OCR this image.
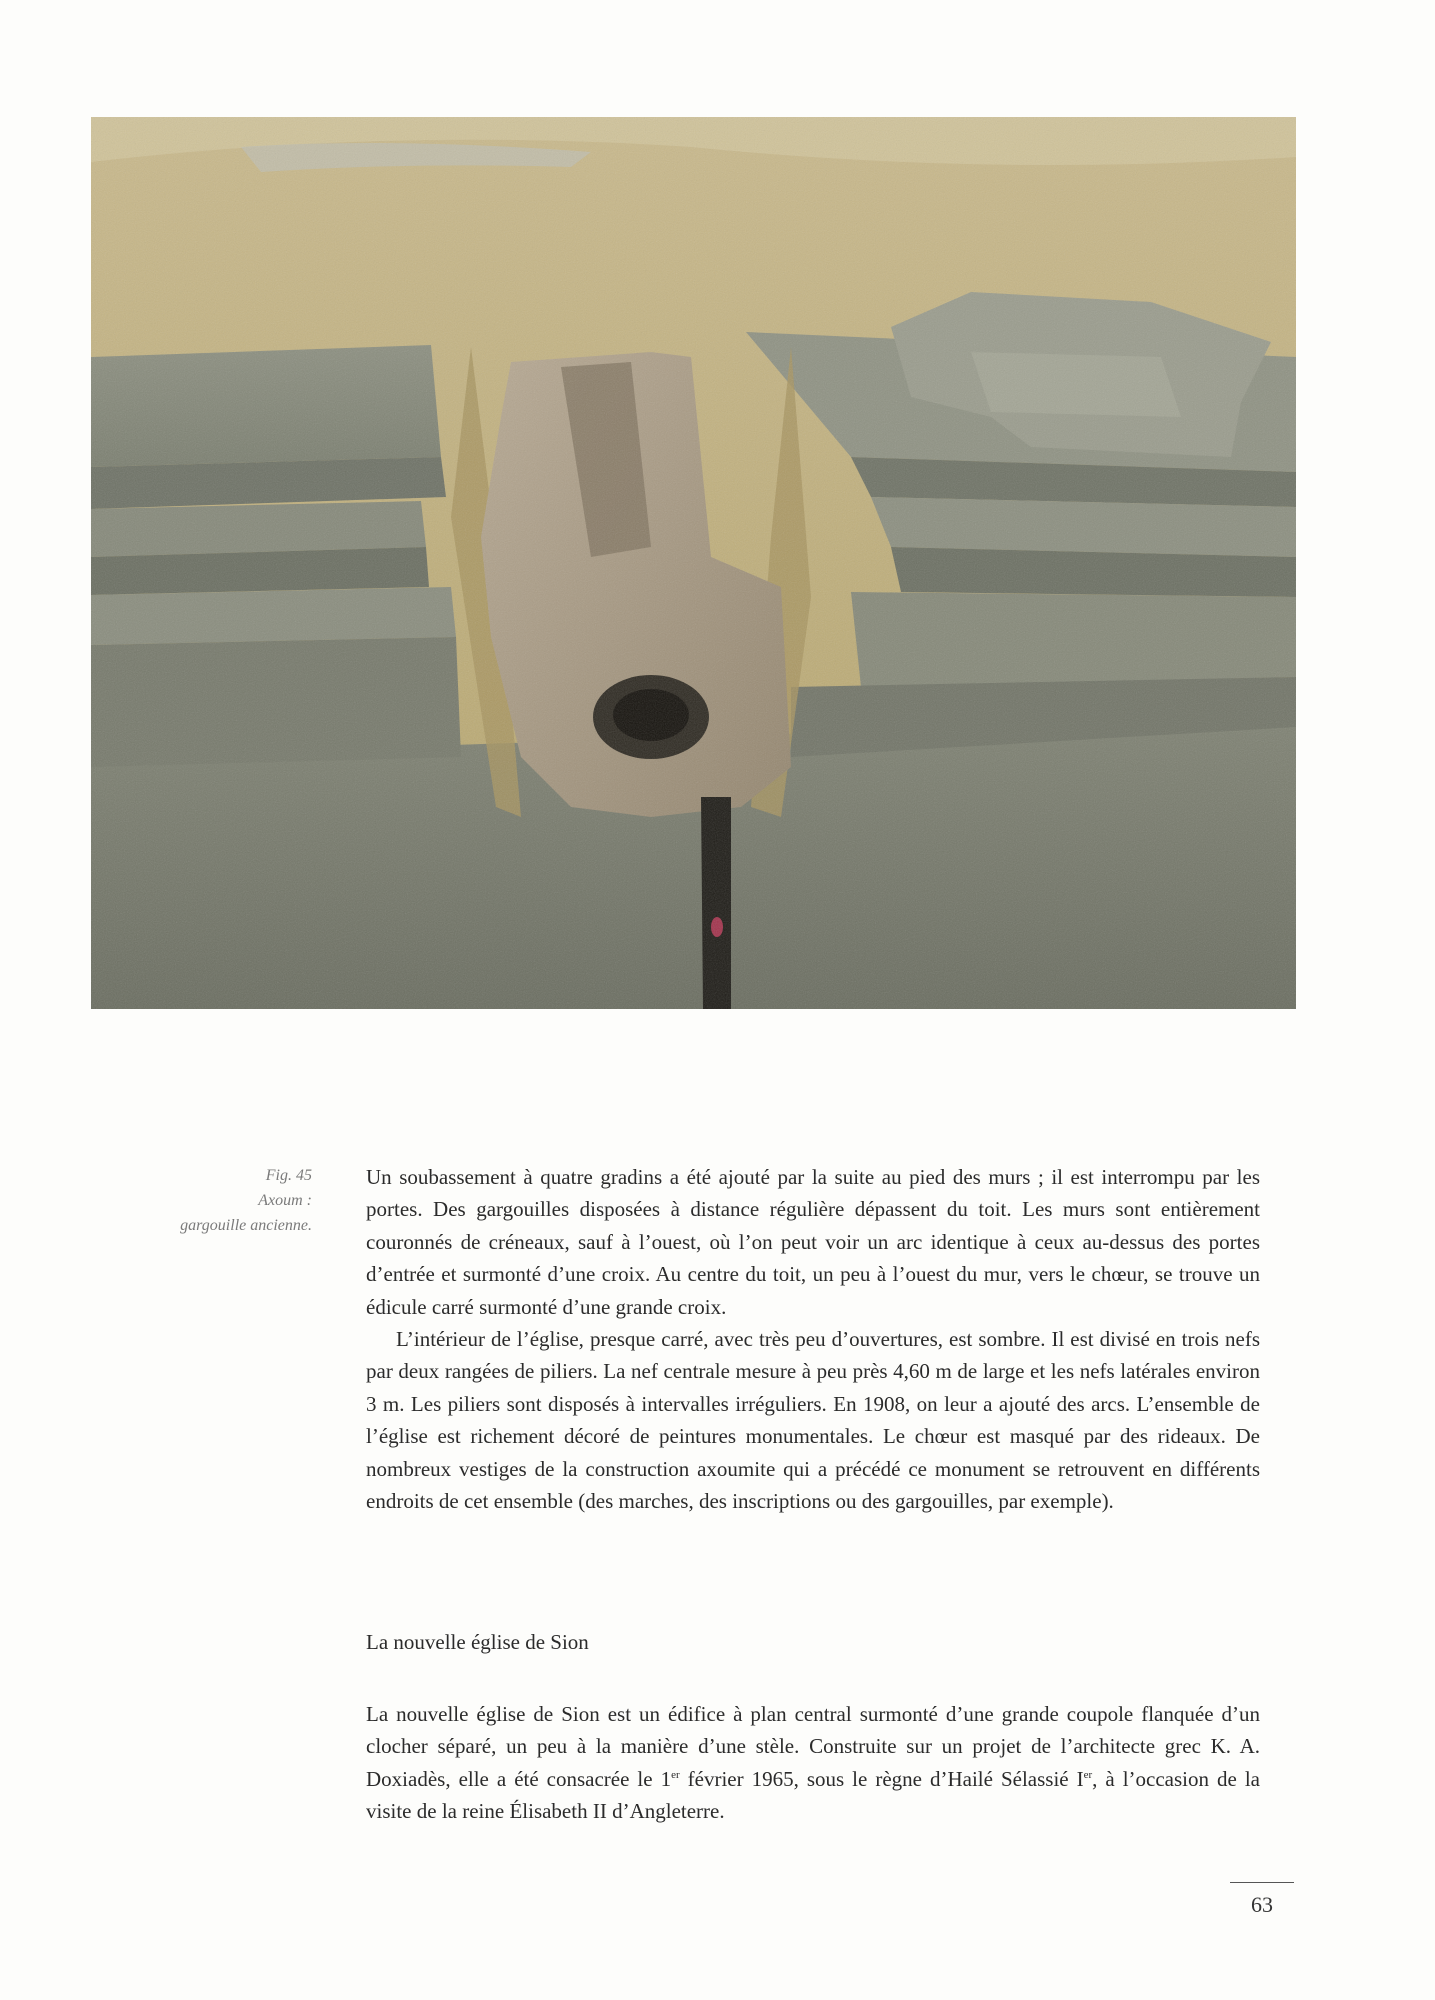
Fig. 45
Axoum :
gargouille ancienne.

Un soubassement à quatre gradins a été ajouté par la suite au pied des murs ; il est interrompu par les portes. Des gargouilles disposées à distance régulière dépassent du toit. Les murs sont entièrement couronnés de créneaux, sauf à l’ouest, où l’on peut voir un arc identique à ceux au-dessus des portes d’entrée et surmonté d’une croix. Au centre du toit, un peu à l’ouest du mur, vers le chœur, se trouve un édicule carré surmonté d’une grande croix.

L’intérieur de l’église, presque carré, avec très peu d’ouvertures, est sombre. Il est divisé en trois nefs par deux rangées de piliers. La nef centrale mesure à peu près 4,60 m de large et les nefs latérales environ 3 m. Les piliers sont disposés à intervalles irréguliers. En 1908, on leur a ajouté des arcs. L’ensemble de l’église est richement décoré de peintures monumentales. Le chœur est masqué par des rideaux. De nombreux vestiges de la construction axoumite qui a précédé ce monument se retrouvent en différents endroits de cet ensemble (des marches, des inscriptions ou des gargouilles, par exemple).

La nouvelle église de Sion

La nouvelle église de Sion est un édifice à plan central surmonté d’une grande coupole flanquée d’un clocher séparé, un peu à la manière d’une stèle. Construite sur un projet de l’architecte grec K. A. Doxiadès, elle a été consacrée le 1er février 1965, sous le règne d’Hailé Sélassié Ier, à l’occasion de la visite de la reine Élisabeth II d’Angleterre.

63
